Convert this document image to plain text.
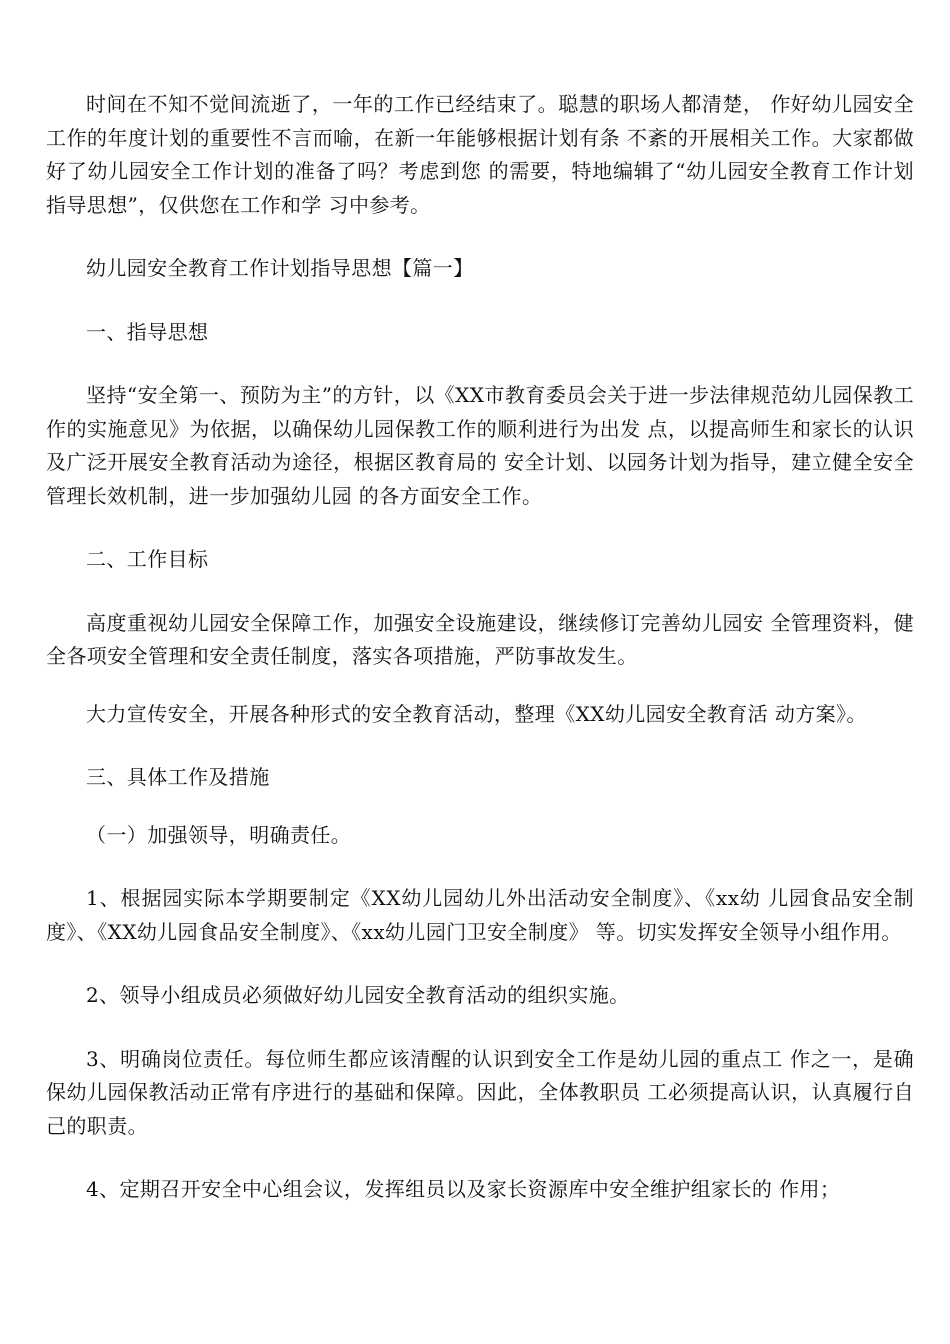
时间在不知不觉间流逝了，一年的工作已经结束了。聪慧的职场人都清楚， 作好幼儿园安全工作的年度计划的重要性不言而喻，在新一年能够根据计划有条 不紊的开展相关工作。大家都做好了幼儿园安全工作计划的准备了吗？考虑到您 的需要，特地编辑了“幼儿园安全教育工作计划指导思想”，仅供您在工作和学 习中参考。

幼儿园安全教育工作计划指导思想【篇一】

一、指导思想

坚持“安全第一、预防为主”的方针，以《XX市教育委员会关于进一步法律规范幼儿园保教工作的实施意见》为依据，以确保幼儿园保教工作的顺利进行为出发 点，以提高师生和家长的认识及广泛开展安全教育活动为途径，根据区教育局的 安全计划、以园务计划为指导，建立健全安全管理长效机制，进一步加强幼儿园 的各方面安全工作。

二、工作目标

高度重视幼儿园安全保障工作，加强安全设施建设，继续修订完善幼儿园安 全管理资料，健全各项安全管理和安全责任制度，落实各项措施，严防事故发生。

大力宣传安全，开展各种形式的安全教育活动，整理《XX幼儿园安全教育活 动方案》。

三、具体工作及措施

（一）加强领导，明确责任。

1、根据园实际本学期要制定《XX幼儿园幼儿外出活动安全制度》、《xx幼 儿园食品安全制度》、《XX幼儿园食品安全制度》、《xx幼儿园门卫安全制度》 等。切实发挥安全领导小组作用。

2、领导小组成员必须做好幼儿园安全教育活动的组织实施。

3、明确岗位责任。每位师生都应该清醒的认识到安全工作是幼儿园的重点工 作之一，是确保幼儿园保教活动正常有序进行的基础和保障。因此，全体教职员 工必须提高认识，认真履行自己的职责。

4、定期召开安全中心组会议，发挥组员以及家长资源库中安全维护组家长的 作用；
